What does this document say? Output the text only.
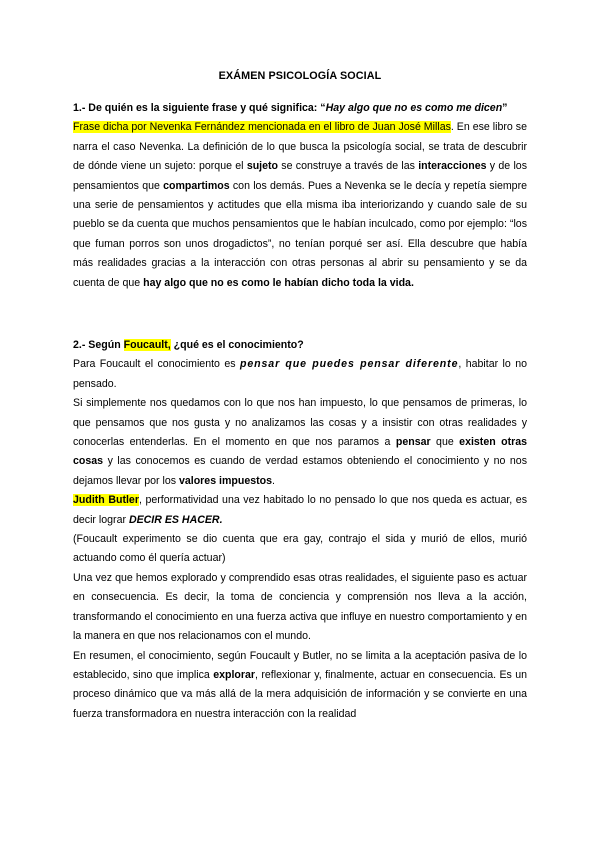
EXÁMEN PSICOLOGÍA SOCIAL

1.- De quién es la siguiente frase y qué significa: “Hay algo que no es como me dicen”
Frase dicha por Nevenka Fernández mencionada en el libro de Juan José Millas. En ese libro se narra el caso Nevenka. La definición de lo que busca la psicología social, se trata de descubrir de dónde viene un sujeto: porque el sujeto se construye a través de las interacciones y de los pensamientos que compartimos con los demás. Pues a Nevenka se le decía y repetía siempre una serie de pensamientos y actitudes que ella misma iba interiorizando y cuando sale de su pueblo se da cuenta que muchos pensamientos que le habían inculcado, como por ejemplo: “los que fuman porros son unos drogadictos”, no tenían porqué ser así. Ella descubre que había más realidades gracias a la interacción con otras personas al abrir su pensamiento y se da cuenta de que hay algo que no es como le habían dicho toda la vida.

2.- Según Foucault, ¿qué es el conocimiento?

Para Foucault el conocimiento es pensar que puedes pensar diferente, habitar lo no pensado.

Si simplemente nos quedamos con lo que nos han impuesto, lo que pensamos de primeras, lo que pensamos que nos gusta y no analizamos las cosas y a insistir con otras realidades y conocerlas entenderlas. En el momento en que nos paramos a pensar que existen otras cosas y las conocemos es cuando de verdad estamos obteniendo el conocimiento y no nos dejamos llevar por los valores impuestos.

Judith Butler, performatividad una vez habitado lo no pensado lo que nos queda es actuar, es decir lograr DECIR ES HACER.

(Foucault experimento se dio cuenta que era gay, contrajo el sida y murió de ellos, murió actuando como él quería actuar)

Una vez que hemos explorado y comprendido esas otras realidades, el siguiente paso es actuar en consecuencia. Es decir, la toma de conciencia y comprensión nos lleva a la acción, transformando el conocimiento en una fuerza activa que influye en nuestro comportamiento y en la manera en que nos relacionamos con el mundo.

En resumen, el conocimiento, según Foucault y Butler, no se limita a la aceptación pasiva de lo establecido, sino que implica explorar, reflexionar y, finalmente, actuar en consecuencia. Es un proceso dinámico que va más allá de la mera adquisición de información y se convierte en una fuerza transformadora en nuestra interacción con la realidad
